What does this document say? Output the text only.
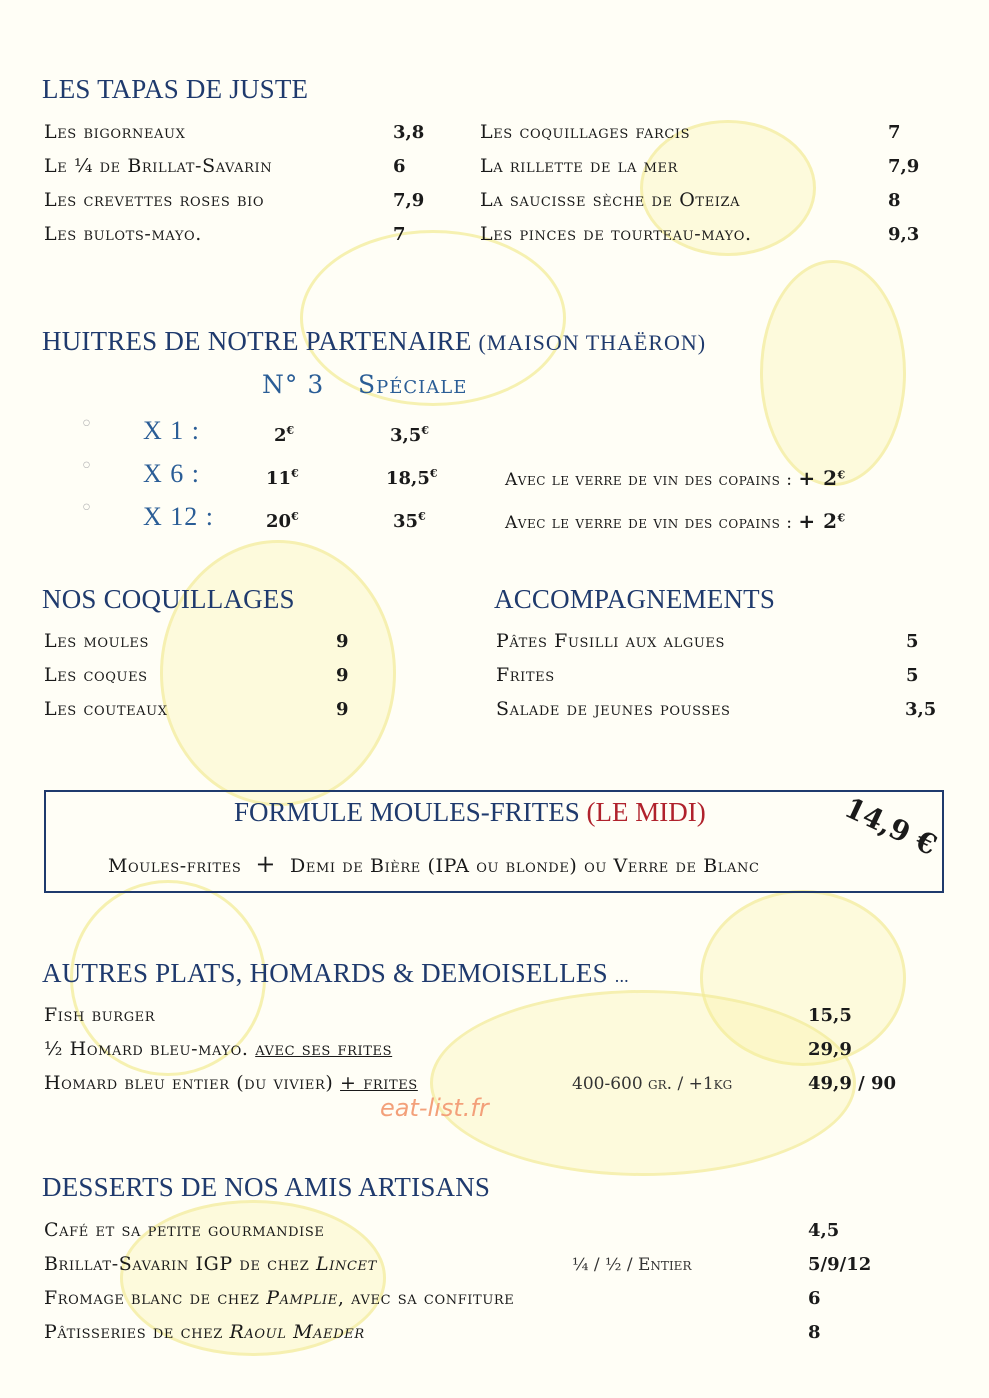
LES TAPAS DE JUSTE
Les bigorneaux	3,8
Le ¼ de Brillat-Savarin	6
Les crevettes roses bio	7,9
Les bulots-mayo.	7
Les coquillages farcis	7
La rillette de la mer	7,9
La saucisse sèche de Oteiza	8
Les pinces de tourteau-mayo.	9,3
HUITRES DE NOTRE PARTENAIRE (MAISON THAËRON)
N° 3 Spéciale
◦ X 1 :	2€	3,5€
◦ X 6 :	11€	18,5€	Avec le verre de vin des copains : + 2€
◦ X 12 :	20€	35€	Avec le verre de vin des copains : + 2€
NOS COQUILLAGES
Les moules	9
Les coques	9
Les couteaux	9
ACCOMPAGNEMENTS
Pâtes Fusilli aux algues	5
Frites	5
Salade de jeunes pousses	3,5
FORMULE MOULES-FRITES (LE MIDI)	14,9 €
Moules-frites + Demi de Bière (IPA ou blonde) ou Verre de Blanc
AUTRES PLATS, HOMARDS & DEMOISELLES ...
Fish burger	15,5
½ Homard bleu-mayo. avec ses frites	29,9
Homard bleu entier (du vivier) + frites	400-600 gr. / +1kg	49,9 / 90
eat-list.fr
DESSERTS DE NOS AMIS ARTISANS
Café et sa petite gourmandise	4,5
Brillat-Savarin IGP de chez Lincet	¼ / ½ / Entier	5/9/12
Fromage blanc de chez Pamplie, avec sa confiture	6
Pâtisseries de chez Raoul Maeder	8
